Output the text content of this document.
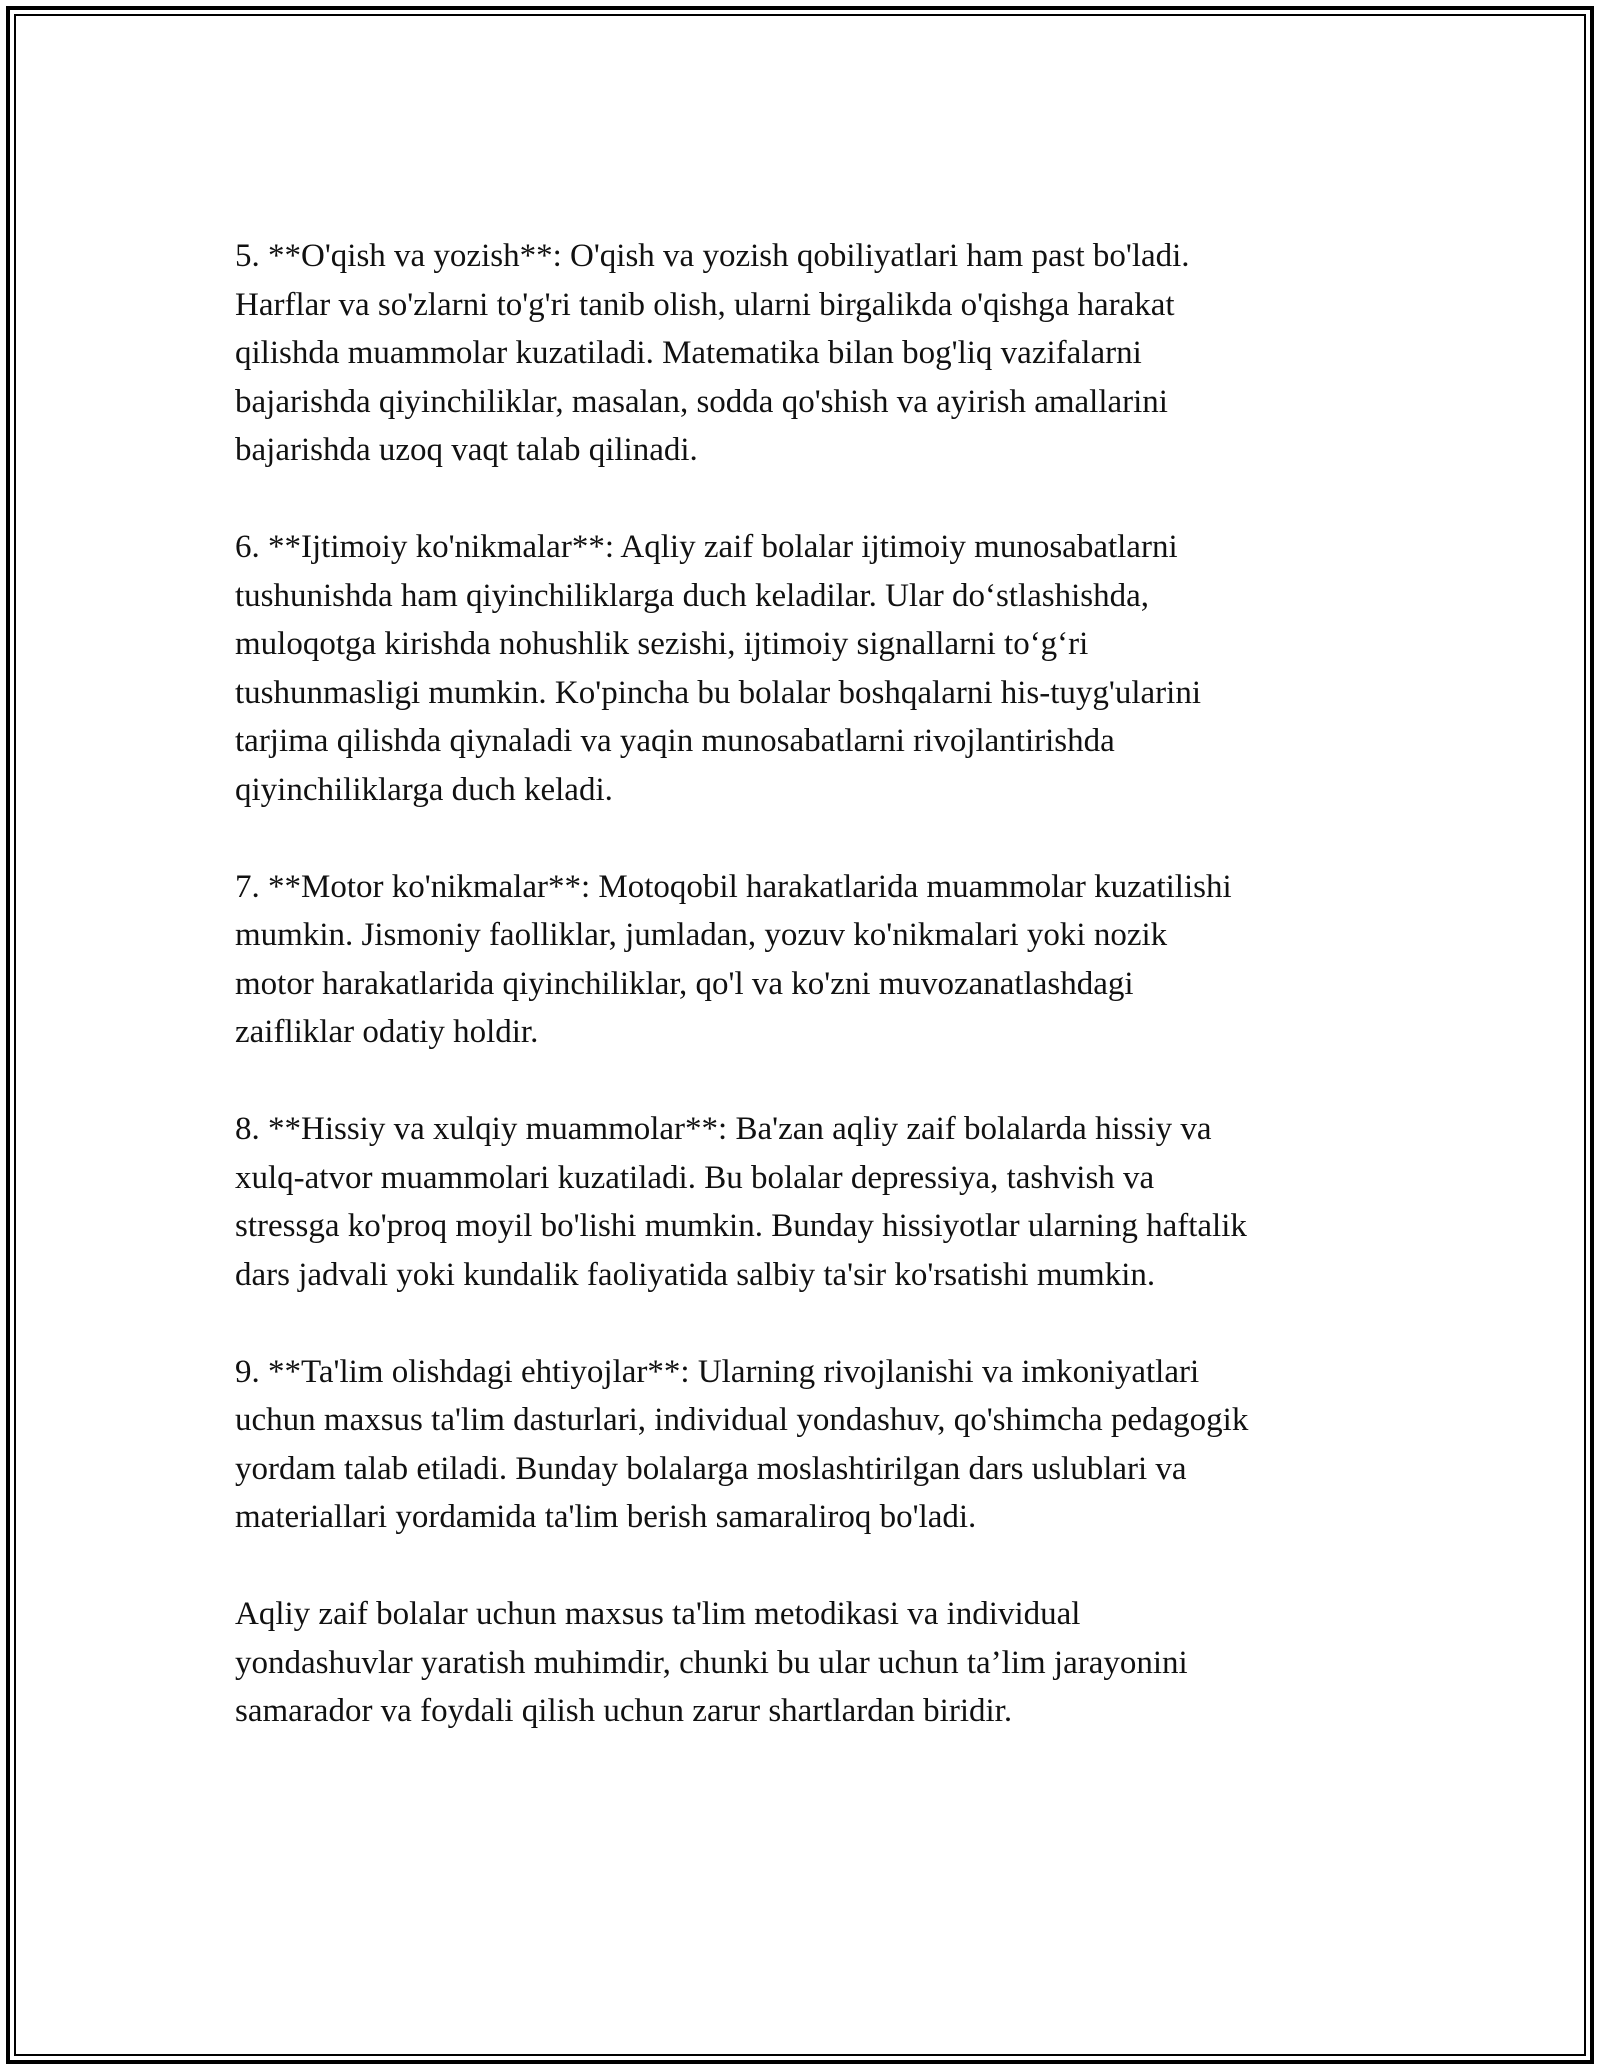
5. **O'qish va yozish**: O'qish va yozish qobiliyatlari ham past bo'ladi.
Harflar va so'zlarni to'g'ri tanib olish, ularni birgalikda o'qishga harakat
qilishda muammolar kuzatiladi. Matematika bilan bog'liq vazifalarni
bajarishda qiyinchiliklar, masalan, sodda qo'shish va ayirish amallarini
bajarishda uzoq vaqt talab qilinadi.
6. **Ijtimoiy ko'nikmalar**: Aqliy zaif bolalar ijtimoiy munosabatlarni
tushunishda ham qiyinchiliklarga duch keladilar. Ular do‘stlashishda,
muloqotga kirishda nohushlik sezishi, ijtimoiy signallarni to‘g‘ri
tushunmasligi mumkin. Ko'pincha bu bolalar boshqalarni his-tuyg'ularini
tarjima qilishda qiynaladi va yaqin munosabatlarni rivojlantirishda
qiyinchiliklarga duch keladi.
7. **Motor ko'nikmalar**: Motoqobil harakatlarida muammolar kuzatilishi
mumkin. Jismoniy faolliklar, jumladan, yozuv ko'nikmalari yoki nozik
motor harakatlarida qiyinchiliklar, qo'l va ko'zni muvozanatlashdagi
zaifliklar odatiy holdir.
8. **Hissiy va xulqiy muammolar**: Ba'zan aqliy zaif bolalarda hissiy va
xulq-atvor muammolari kuzatiladi. Bu bolalar depressiya, tashvish va
stressga ko'proq moyil bo'lishi mumkin. Bunday hissiyotlar ularning haftalik
dars jadvali yoki kundalik faoliyatida salbiy ta'sir ko'rsatishi mumkin.
9. **Ta'lim olishdagi ehtiyojlar**: Ularning rivojlanishi va imkoniyatlari
uchun maxsus ta'lim dasturlari, individual yondashuv, qo'shimcha pedagogik
yordam talab etiladi. Bunday bolalarga moslashtirilgan dars uslublari va
materiallari yordamida ta'lim berish samaraliroq bo'ladi.
Aqliy zaif bolalar uchun maxsus ta'lim metodikasi va individual
yondashuvlar yaratish muhimdir, chunki bu ular uchun ta’lim jarayonini
samarador va foydali qilish uchun zarur shartlardan biridir.
